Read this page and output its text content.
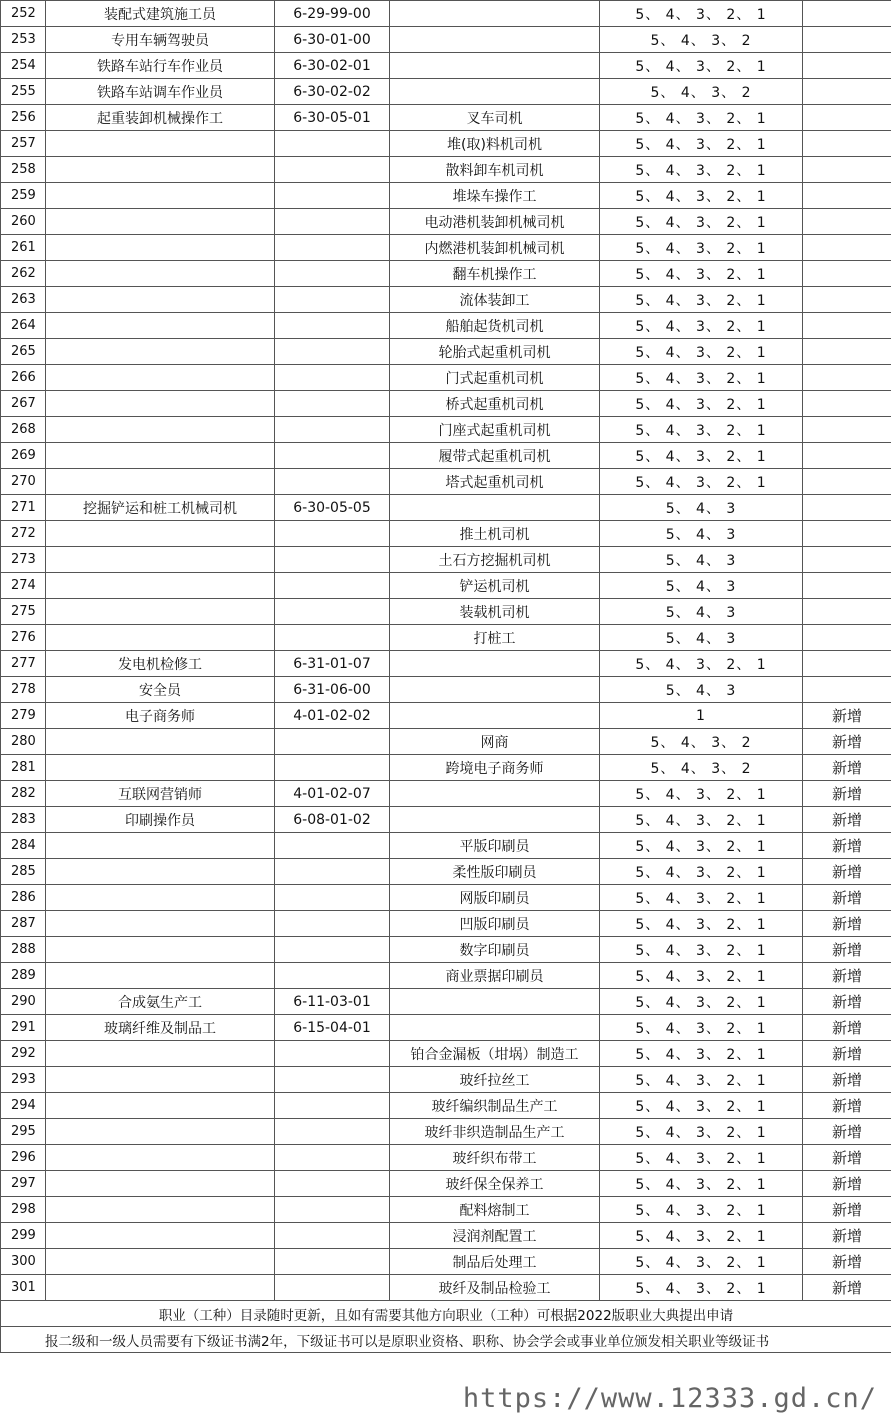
252	装配式建筑施工员	6-29-99-00		5、 4、 3、 2、 1	
253	专用车辆驾驶员	6-30-01-00		5、 4、 3、 2	
254	铁路车站行车作业员	6-30-02-01		5、 4、 3、 2、 1	
255	铁路车站调车作业员	6-30-02-02		5、 4、 3、 2	
256	起重装卸机械操作工	6-30-05-01	叉车司机	5、 4、 3、 2、 1	
257			堆(取)料机司机	5、 4、 3、 2、 1	
258			散料卸车机司机	5、 4、 3、 2、 1	
259			堆垛车操作工	5、 4、 3、 2、 1	
260			电动港机装卸机械司机	5、 4、 3、 2、 1	
261			内燃港机装卸机械司机	5、 4、 3、 2、 1	
262			翻车机操作工	5、 4、 3、 2、 1	
263			流体装卸工	5、 4、 3、 2、 1	
264			船舶起货机司机	5、 4、 3、 2、 1	
265			轮胎式起重机司机	5、 4、 3、 2、 1	
266			门式起重机司机	5、 4、 3、 2、 1	
267			桥式起重机司机	5、 4、 3、 2、 1	
268			门座式起重机司机	5、 4、 3、 2、 1	
269			履带式起重机司机	5、 4、 3、 2、 1	
270			塔式起重机司机	5、 4、 3、 2、 1	
271	挖掘铲运和桩工机械司机	6-30-05-05		5、 4、 3	
272			推土机司机	5、 4、 3	
273			土石方挖掘机司机	5、 4、 3	
274			铲运机司机	5、 4、 3	
275			装载机司机	5、 4、 3	
276			打桩工	5、 4、 3	
277	发电机检修工	6-31-01-07		5、 4、 3、 2、 1	
278	安全员	6-31-06-00		5、 4、 3	
279	电子商务师	4-01-02-02		1	新增
280			网商	5、 4、 3、 2	新增
281			跨境电子商务师	5、 4、 3、 2	新增
282	互联网营销师	4-01-02-07		5、 4、 3、 2、 1	新增
283	印刷操作员	6-08-01-02		5、 4、 3、 2、 1	新增
284			平版印刷员	5、 4、 3、 2、 1	新增
285			柔性版印刷员	5、 4、 3、 2、 1	新增
286			网版印刷员	5、 4、 3、 2、 1	新增
287			凹版印刷员	5、 4、 3、 2、 1	新增
288			数字印刷员	5、 4、 3、 2、 1	新增
289			商业票据印刷员	5、 4、 3、 2、 1	新增
290	合成氨生产工	6-11-03-01		5、 4、 3、 2、 1	新增
291	玻璃纤维及制品工	6-15-04-01		5、 4、 3、 2、 1	新增
292			铂合金漏板（坩埚）制造工	5、 4、 3、 2、 1	新增
293			玻纤拉丝工	5、 4、 3、 2、 1	新增
294			玻纤编织制品生产工	5、 4、 3、 2、 1	新增
295			玻纤非织造制品生产工	5、 4、 3、 2、 1	新增
296			玻纤织布带工	5、 4、 3、 2、 1	新增
297			玻纤保全保养工	5、 4、 3、 2、 1	新增
298			配料熔制工	5、 4、 3、 2、 1	新增
299			浸润剂配置工	5、 4、 3、 2、 1	新增
300			制品后处理工	5、 4、 3、 2、 1	新增
301			玻纤及制品检验工	5、 4、 3、 2、 1	新增
职业（工种）目录随时更新，且如有需要其他方向职业（工种）可根据2022版职业大典提出申请					
报二级和一级人员需要有下级证书满2年，下级证书可以是原职业资格、职称、协会学会或事业单位颁发相关职业等级证书					
https://www.12333.gd.cn/
